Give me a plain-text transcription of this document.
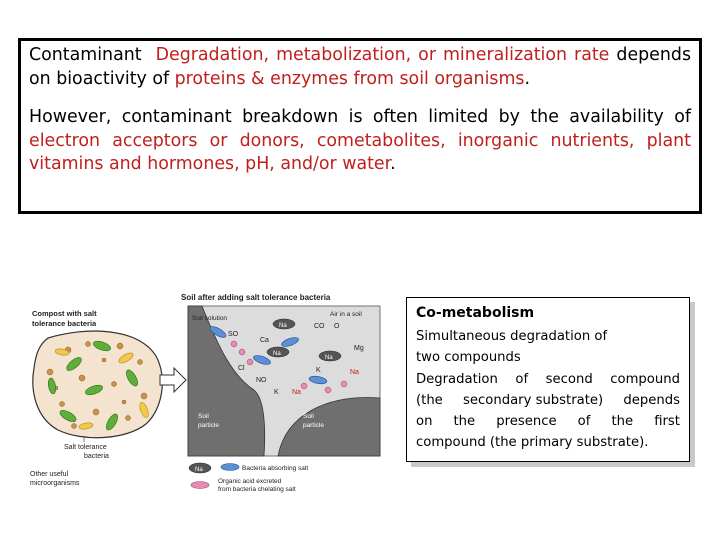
Contaminant Degradation, metabolization, or mineralization rate depends on bioactivity of proteins & enzymes from soil organisms.

However, contaminant breakdown is often limited by the availability of electron acceptors or donors, cometabolites, inorganic nutrients, plant vitamins and hormones, pH, and/or water.

Compost with salt
tolerance bacteria
Salt tolerance
bacteria
Other useful
microorganisms
Soil after adding salt tolerance bacteria
Soil solution
Air in a soil
Soil
particle
Soil
particle
Na
Na
Na
CO O
SO
Ca
Mg
NO
K Na
Na
K
Cl
Na	Bacteria absorbing salt
Organic acid excreted
from bacteria chelating salt
Co-metabolism
Simultaneous degradation of
two compounds
Degradation of second compound
(the secondary substrate) depends
on the presence of the first
compound (the primary substrate).
